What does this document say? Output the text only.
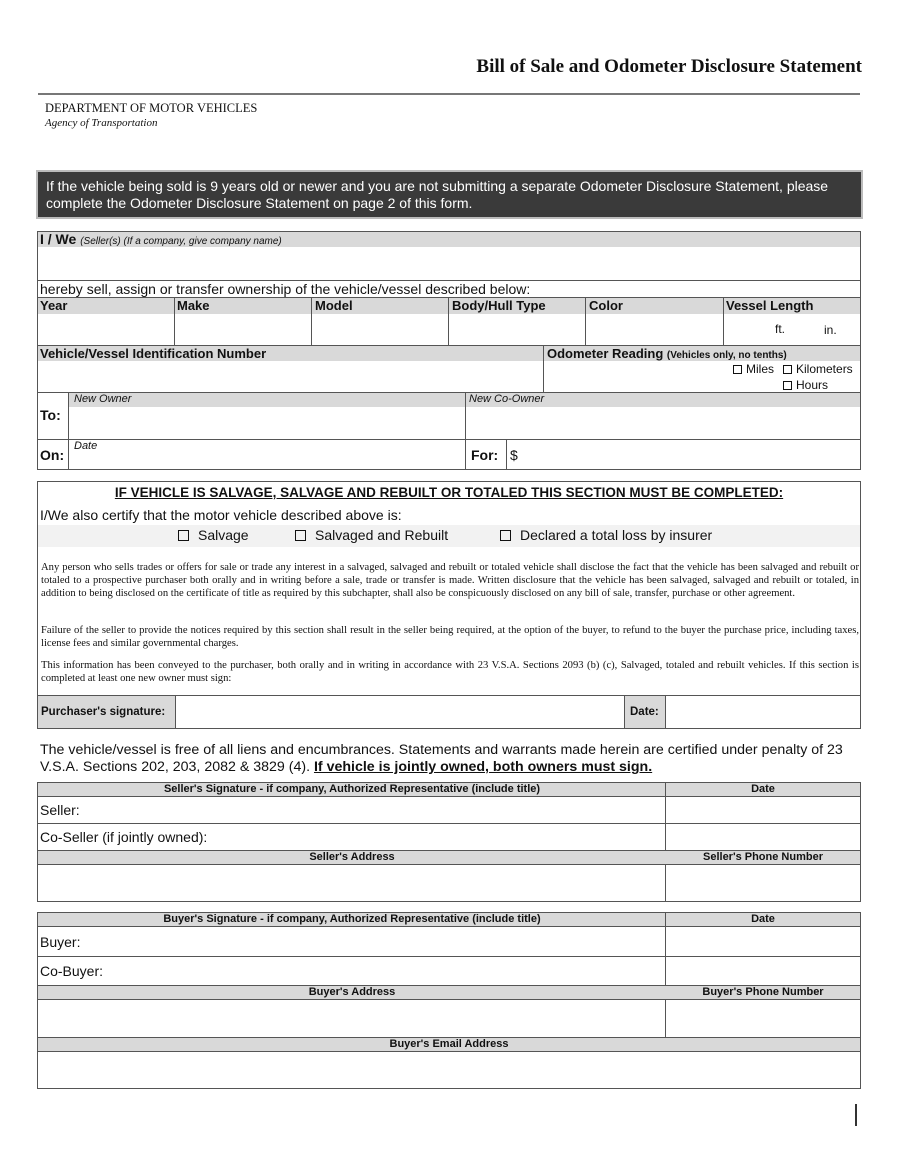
Bill of Sale and Odometer Disclosure Statement
DEPARTMENT OF MOTOR VEHICLES
Agency of Transportation
If the vehicle being sold is 9 years old or newer and you are not submitting a separate Odometer Disclosure Statement, please complete the Odometer Disclosure Statement on page 2 of this form.
I / We (Seller(s) (If a company, give company name)
hereby sell, assign or transfer ownership of the vehicle/vessel described below:
Year	Make	Model	Body/Hull Type	Color	Vessel Length
ft.	in.
Vehicle/Vessel Identification Number	Odometer Reading (Vehicles only, no tenths)
Miles	Kilometers
Hours
New Owner	New Co-Owner
To:
On:
Date
For: $
IF VEHICLE IS SALVAGE, SALVAGE AND REBUILT OR TOTALED THIS SECTION MUST BE COMPLETED:
I/We also certify that the motor vehicle described above is:
Salvage	Salvaged and Rebuilt	Declared a total loss by insurer
Any person who sells trades or offers for sale or trade any interest in a salvaged, salvaged and rebuilt or totaled vehicle shall disclose the fact that the vehicle has been salvaged and rebuilt or totaled to a prospective purchaser both orally and in writing before a sale, trade or transfer is made. Written disclosure that the vehicle has been salvaged, salvaged and rebuilt or totaled, in addition to being disclosed on the certificate of title as required by this subchapter, shall also be conspicuously disclosed on any bill of sale, transfer, purchase or other agreement.
Failure of the seller to provide the notices required by this section shall result in the seller being required, at the option of the buyer, to refund to the buyer the purchase price, including taxes, license fees and similar governmental charges.
This information has been conveyed to the purchaser, both orally and in writing in accordance with 23 V.S.A. Sections 2093 (b) (c), Salvaged, totaled and rebuilt vehicles. If this section is completed at least one new owner must sign:
Purchaser's signature:	Date:
The vehicle/vessel is free of all liens and encumbrances. Statements and warrants made herein are certified under penalty of 23 V.S.A. Sections 202, 203, 2082 & 3829 (4). If vehicle is jointly owned, both owners must sign.
Seller's Signature - if company, Authorized Representative (include title)	Date
Seller:
Co-Seller (if jointly owned):
Seller's Address	Seller's Phone Number
Buyer's Signature - if company, Authorized Representative (include title)	Date
Buyer:
Co-Buyer:
Buyer's Address	Buyer's Phone Number
Buyer's Email Address
